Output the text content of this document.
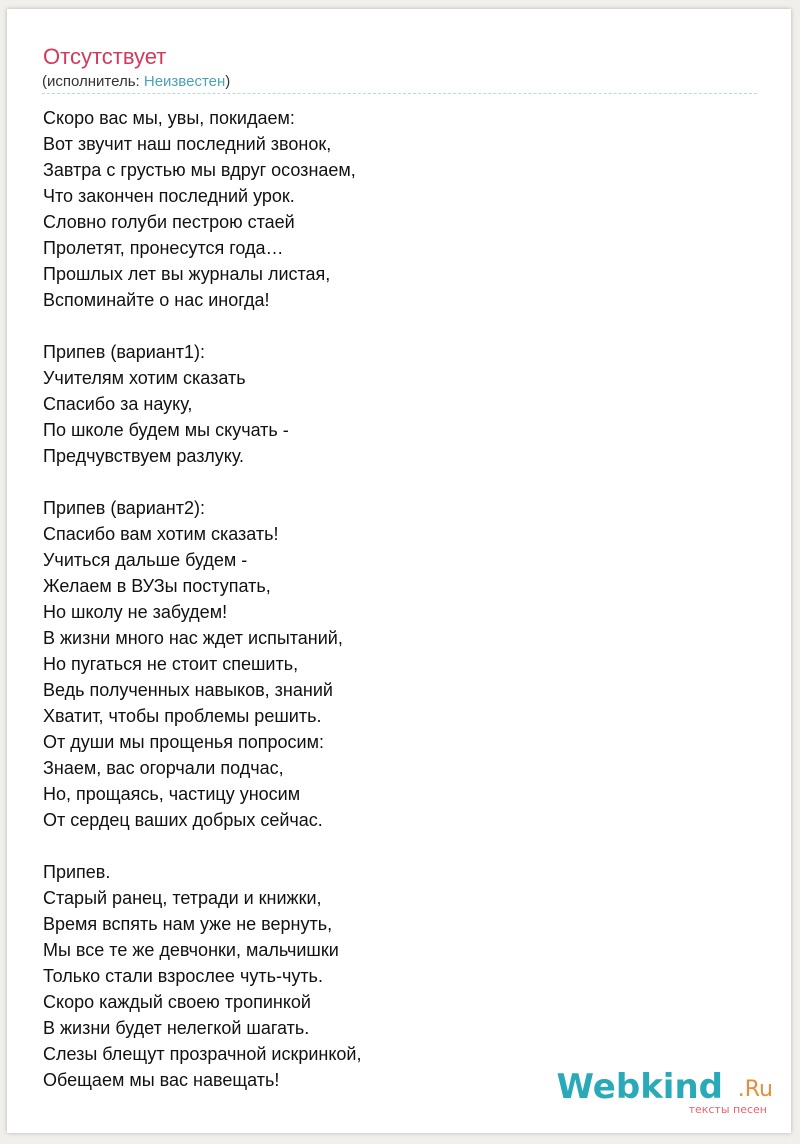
Отсутствует
(исполнитель: Неизвестен)
Скоро вас мы, увы, покидаем:
Вот звучит наш последний звонок,
Завтра с грустью мы вдруг осознаем,
Что закончен последний урок.
Словно голуби пестрою стаей
Пролетят, пронесутся года…
Прошлых лет вы журналы листая,
Вспоминайте о нас иногда!
Припев (вариант1):
Учителям хотим сказать
Спасибо за науку,
По школе будем мы скучать -
Предчувствуем разлуку.
Припев (вариант2):
Спасибо вам хотим сказать!
Учиться дальше будем -
Желаем в ВУЗы поступать,
Но школу не забудем!
В жизни много нас ждет испытаний,
Но пугаться не стоит спешить,
Ведь полученных навыков, знаний
Хватит, чтобы проблемы решить.
От души мы прощенья попросим:
Знаем, вас огорчали подчас,
Но, прощаясь, частицу уносим
От сердец ваших добрых сейчас.
Припев.
Старый ранец, тетради и книжки,
Время вспять нам уже не вернуть,
Мы все те же девчонки, мальчишки
Только стали взрослее чуть-чуть.
Скоро каждый своею тропинкой
В жизни будет нелегкой шагать.
Слезы блещут прозрачной искринкой,
Обещаем мы вас навещать!	Webkind .Ru
тексты песен
